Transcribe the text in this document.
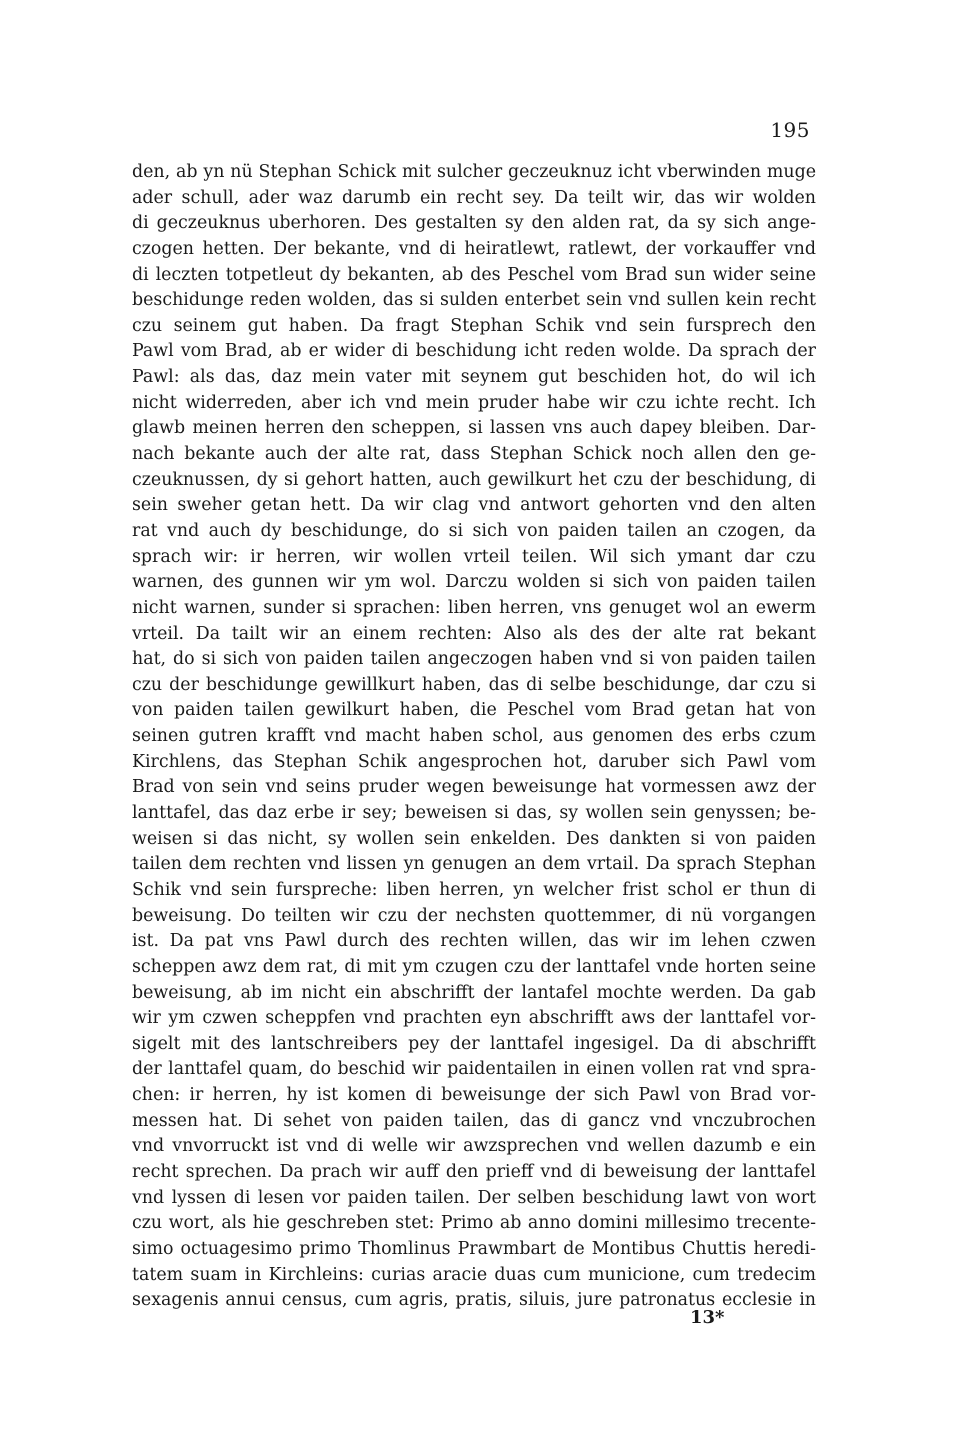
195
den, ab yn nü Stephan Schick mit sulcher geczeuknuz icht vberwinden muge
ader schull, ader waz darumb ein recht sey. Da teilt wir, das wir wolden
di geczeuknus uberhoren. Des gestalten sy den alden rat, da sy sich ange-
czogen hetten. Der bekante, vnd di heiratlewt, ratlewt, der vorkauffer vnd
di leczten totpetleut dy bekanten, ab des Peschel vom Brad sun wider seine
beschidunge reden wolden, das si sulden enterbet sein vnd sullen kein recht
czu seinem gut haben. Da fragt Stephan Schik vnd sein fursprech den
Pawl vom Brad, ab er wider di beschidung icht reden wolde. Da sprach der
Pawl: als das, daz mein vater mit seynem gut beschiden hot, do wil ich
nicht widerreden, aber ich vnd mein pruder habe wir czu ichte recht. Ich
glawb meinen herren den scheppen, si lassen vns auch dapey bleiben. Dar-
nach bekante auch der alte rat, dass Stephan Schick noch allen den ge-
czeuknussen, dy si gehort hatten, auch gewilkurt het czu der beschidung, di
sein sweher getan hett. Da wir clag vnd antwort gehorten vnd den alten
rat vnd auch dy beschidunge, do si sich von paiden tailen an czogen, da
sprach wir: ir herren, wir wollen vrteil teilen. Wil sich ymant dar czu
warnen, des gunnen wir ym wol. Darczu wolden si sich von paiden tailen
nicht warnen, sunder si sprachen: liben herren, vns genuget wol an ewerm
vrteil. Da tailt wir an einem rechten: Also als des der alte rat bekant
hat, do si sich von paiden tailen angeczogen haben vnd si von paiden tailen
czu der beschidunge gewillkurt haben, das di selbe beschidunge, dar czu si
von paiden tailen gewilkurt haben, die Peschel vom Brad getan hat von
seinen gutren krafft vnd macht haben schol, aus genomen des erbs czum
Kirchlens, das Stephan Schik angesprochen hot, daruber sich Pawl vom
Brad von sein vnd seins pruder wegen beweisunge hat vormessen awz der
lanttafel, das daz erbe ir sey; beweisen si das, sy wollen sein genyssen; be-
weisen si das nicht, sy wollen sein enkelden. Des dankten si von paiden
tailen dem rechten vnd lissen yn genugen an dem vrtail. Da sprach Stephan
Schik vnd sein fursprechе: liben herren, yn welcher frist schol er thun di
beweisung. Do teilten wir czu der nechsten quottemmer, di nü vorgangen
ist. Da pat vns Pawl durch des rechten willen, das wir im lehen czwen
scheppen awz dem rat, di mit ym czugen czu der lanttafel vnde horten seine
beweisung, ab im nicht ein abschrifft der lantafel mochte werden. Da gab
wir ym czwen scheppfen vnd prachten eyn abschrifft aws der lanttafel vor-
sigelt mit des lantschreibers pey der lanttafel ingesigel. Da di abschrifft
der lanttafel quam, do beschid wir paidentailen in einen vollen rat vnd spra-
chen: ir herren, hy ist komen di beweisunge der sich Pawl von Brad vor-
messen hat. Di sehet von paiden tailen, das di gancz vnd vnczubrochen
vnd vnvorruckt ist vnd di welle wir awzsprechen vnd wellen dazumb e ein
recht sprechen. Da prach wir auff den prieff vnd di beweisung der lanttafel
vnd lyssen di lesen vor paiden tailen. Der selben beschidung lawt von wort
czu wort, als hie geschreben stet: Primo ab anno domini millesimo trecente-
simo octuagesimo primo Thomlinus Prawmbart de Montibus Chuttis heredi-
tatem suam in Kirchleins: curias aracie duas cum municione, cum tredecim
sexagenis annui census, cum agris, pratis, siluis, jure patronatus ecclesie in
13*
